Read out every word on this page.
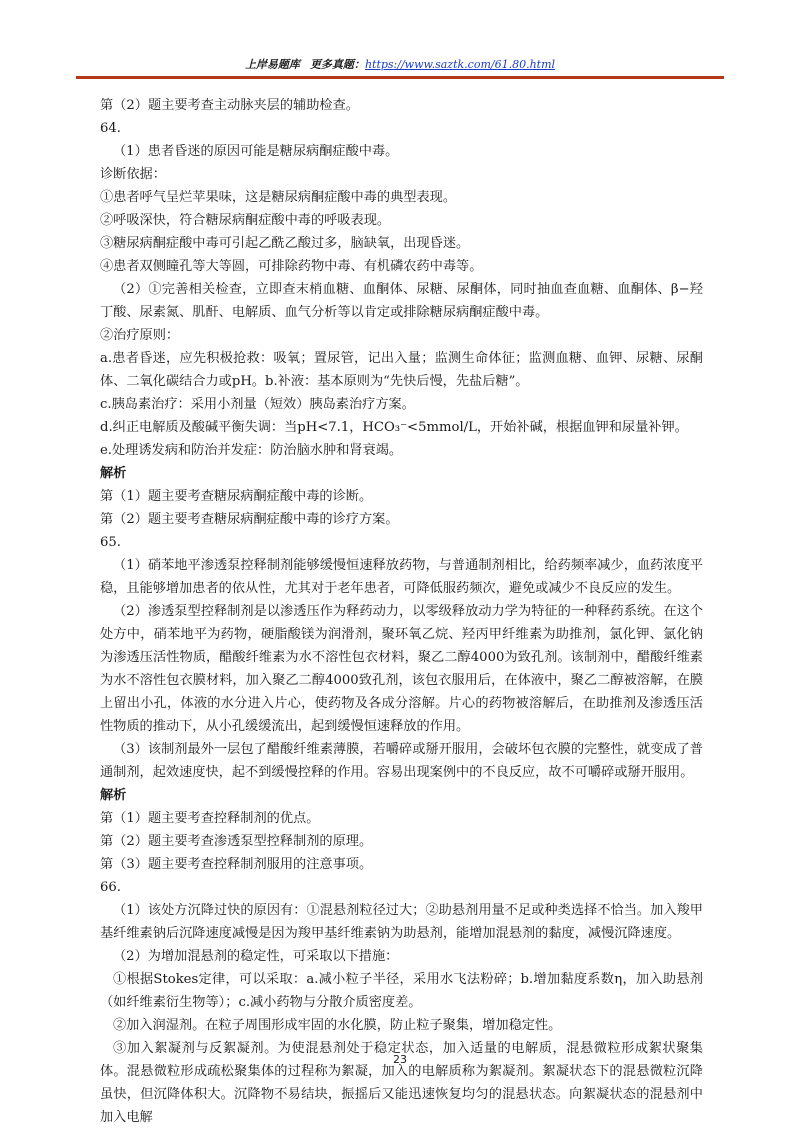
上岸易题库 更多真题：https://www.saztk.com/61.80.html

第（2）题主要考查主动脉夹层的辅助检查。

64.

（1）患者昏迷的原因可能是糖尿病酮症酸中毒。

诊断依据：

①患者呼气呈烂苹果味，这是糖尿病酮症酸中毒的典型表现。

②呼吸深快，符合糖尿病酮症酸中毒的呼吸表现。

③糖尿病酮症酸中毒可引起乙酰乙酸过多，脑缺氧，出现昏迷。

④患者双侧瞳孔等大等圆，可排除药物中毒、有机磷农药中毒等。

（2）①完善相关检查，立即查末梢血糖、血酮体、尿糖、尿酮体，同时抽血查血糖、血酮体、β−羟丁酸、尿素氮、肌酐、电解质、血气分析等以肯定或排除糖尿病酮症酸中毒。

②治疗原则：

a.患者昏迷，应先积极抢救：吸氧；置尿管，记出入量；监测生命体征；监测血糖、血钾、尿糖、尿酮体、二氧化碳结合力或pH。b.补液：基本原则为“先快后慢，先盐后糖”。

c.胰岛素治疗：采用小剂量（短效）胰岛素治疗方案。

d.纠正电解质及酸碱平衡失调：当pH<7.1，HCO₃⁻<5mmol/L，开始补碱，根据血钾和尿量补钾。

e.处理诱发病和防治并发症：防治脑水肿和肾衰竭。

解析

第（1）题主要考查糖尿病酮症酸中毒的诊断。

第（2）题主要考查糖尿病酮症酸中毒的诊疗方案。

65.

（1）硝苯地平渗透泵控释制剂能够缓慢恒速释放药物，与普通制剂相比，给药频率减少，血药浓度平稳，且能够增加患者的依从性，尤其对于老年患者，可降低服药频次，避免或减少不良反应的发生。

（2）渗透泵型控释制剂是以渗透压作为释药动力，以零级释放动力学为特征的一种释药系统。在这个处方中，硝苯地平为药物，硬脂酸镁为润滑剂，聚环氧乙烷、羟丙甲纤维素为助推剂，氯化钾、氯化钠为渗透压活性物质，醋酸纤维素为水不溶性包衣材料，聚乙二醇4000为致孔剂。该制剂中，醋酸纤维素为水不溶性包衣膜材料，加入聚乙二醇4000致孔剂，该包衣服用后，在体液中，聚乙二醇被溶解，在膜上留出小孔，体液的水分进入片心，使药物及各成分溶解。片心的药物被溶解后，在助推剂及渗透压活性物质的推动下，从小孔缓缓流出，起到缓慢恒速释放的作用。

（3）该制剂最外一层包了醋酸纤维素薄膜，若嚼碎或掰开服用，会破坏包衣膜的完整性，就变成了普通制剂，起效速度快，起不到缓慢控释的作用。容易出现案例中的不良反应，故不可嚼碎或掰开服用。

解析

第（1）题主要考查控释制剂的优点。

第（2）题主要考查渗透泵型控释制剂的原理。

第（3）题主要考查控释制剂服用的注意事项。

66.

（1）该处方沉降过快的原因有：①混悬剂粒径过大；②助悬剂用量不足或种类选择不恰当。加入羧甲基纤维素钠后沉降速度减慢是因为羧甲基纤维素钠为助悬剂，能增加混悬剂的黏度，减慢沉降速度。

（2）为增加混悬剂的稳定性，可采取以下措施：

①根据Stokes定律，可以采取：a.减小粒子半径，采用水飞法粉碎；b.增加黏度系数η，加入助悬剂（如纤维素衍生物等）；c.减小药物与分散介质密度差。

②加入润湿剂。在粒子周围形成牢固的水化膜，防止粒子聚集，增加稳定性。

③加入絮凝剂与反絮凝剂。为使混悬剂处于稳定状态，加入适量的电解质，混悬微粒形成絮状聚集体。混悬微粒形成疏松聚集体的过程称为絮凝，加入的电解质称为絮凝剂。絮凝状态下的混悬微粒沉降虽快，但沉降体积大。沉降物不易结块，振摇后又能迅速恢复均匀的混悬状态。向絮凝状态的混悬剂中加入电解

23
